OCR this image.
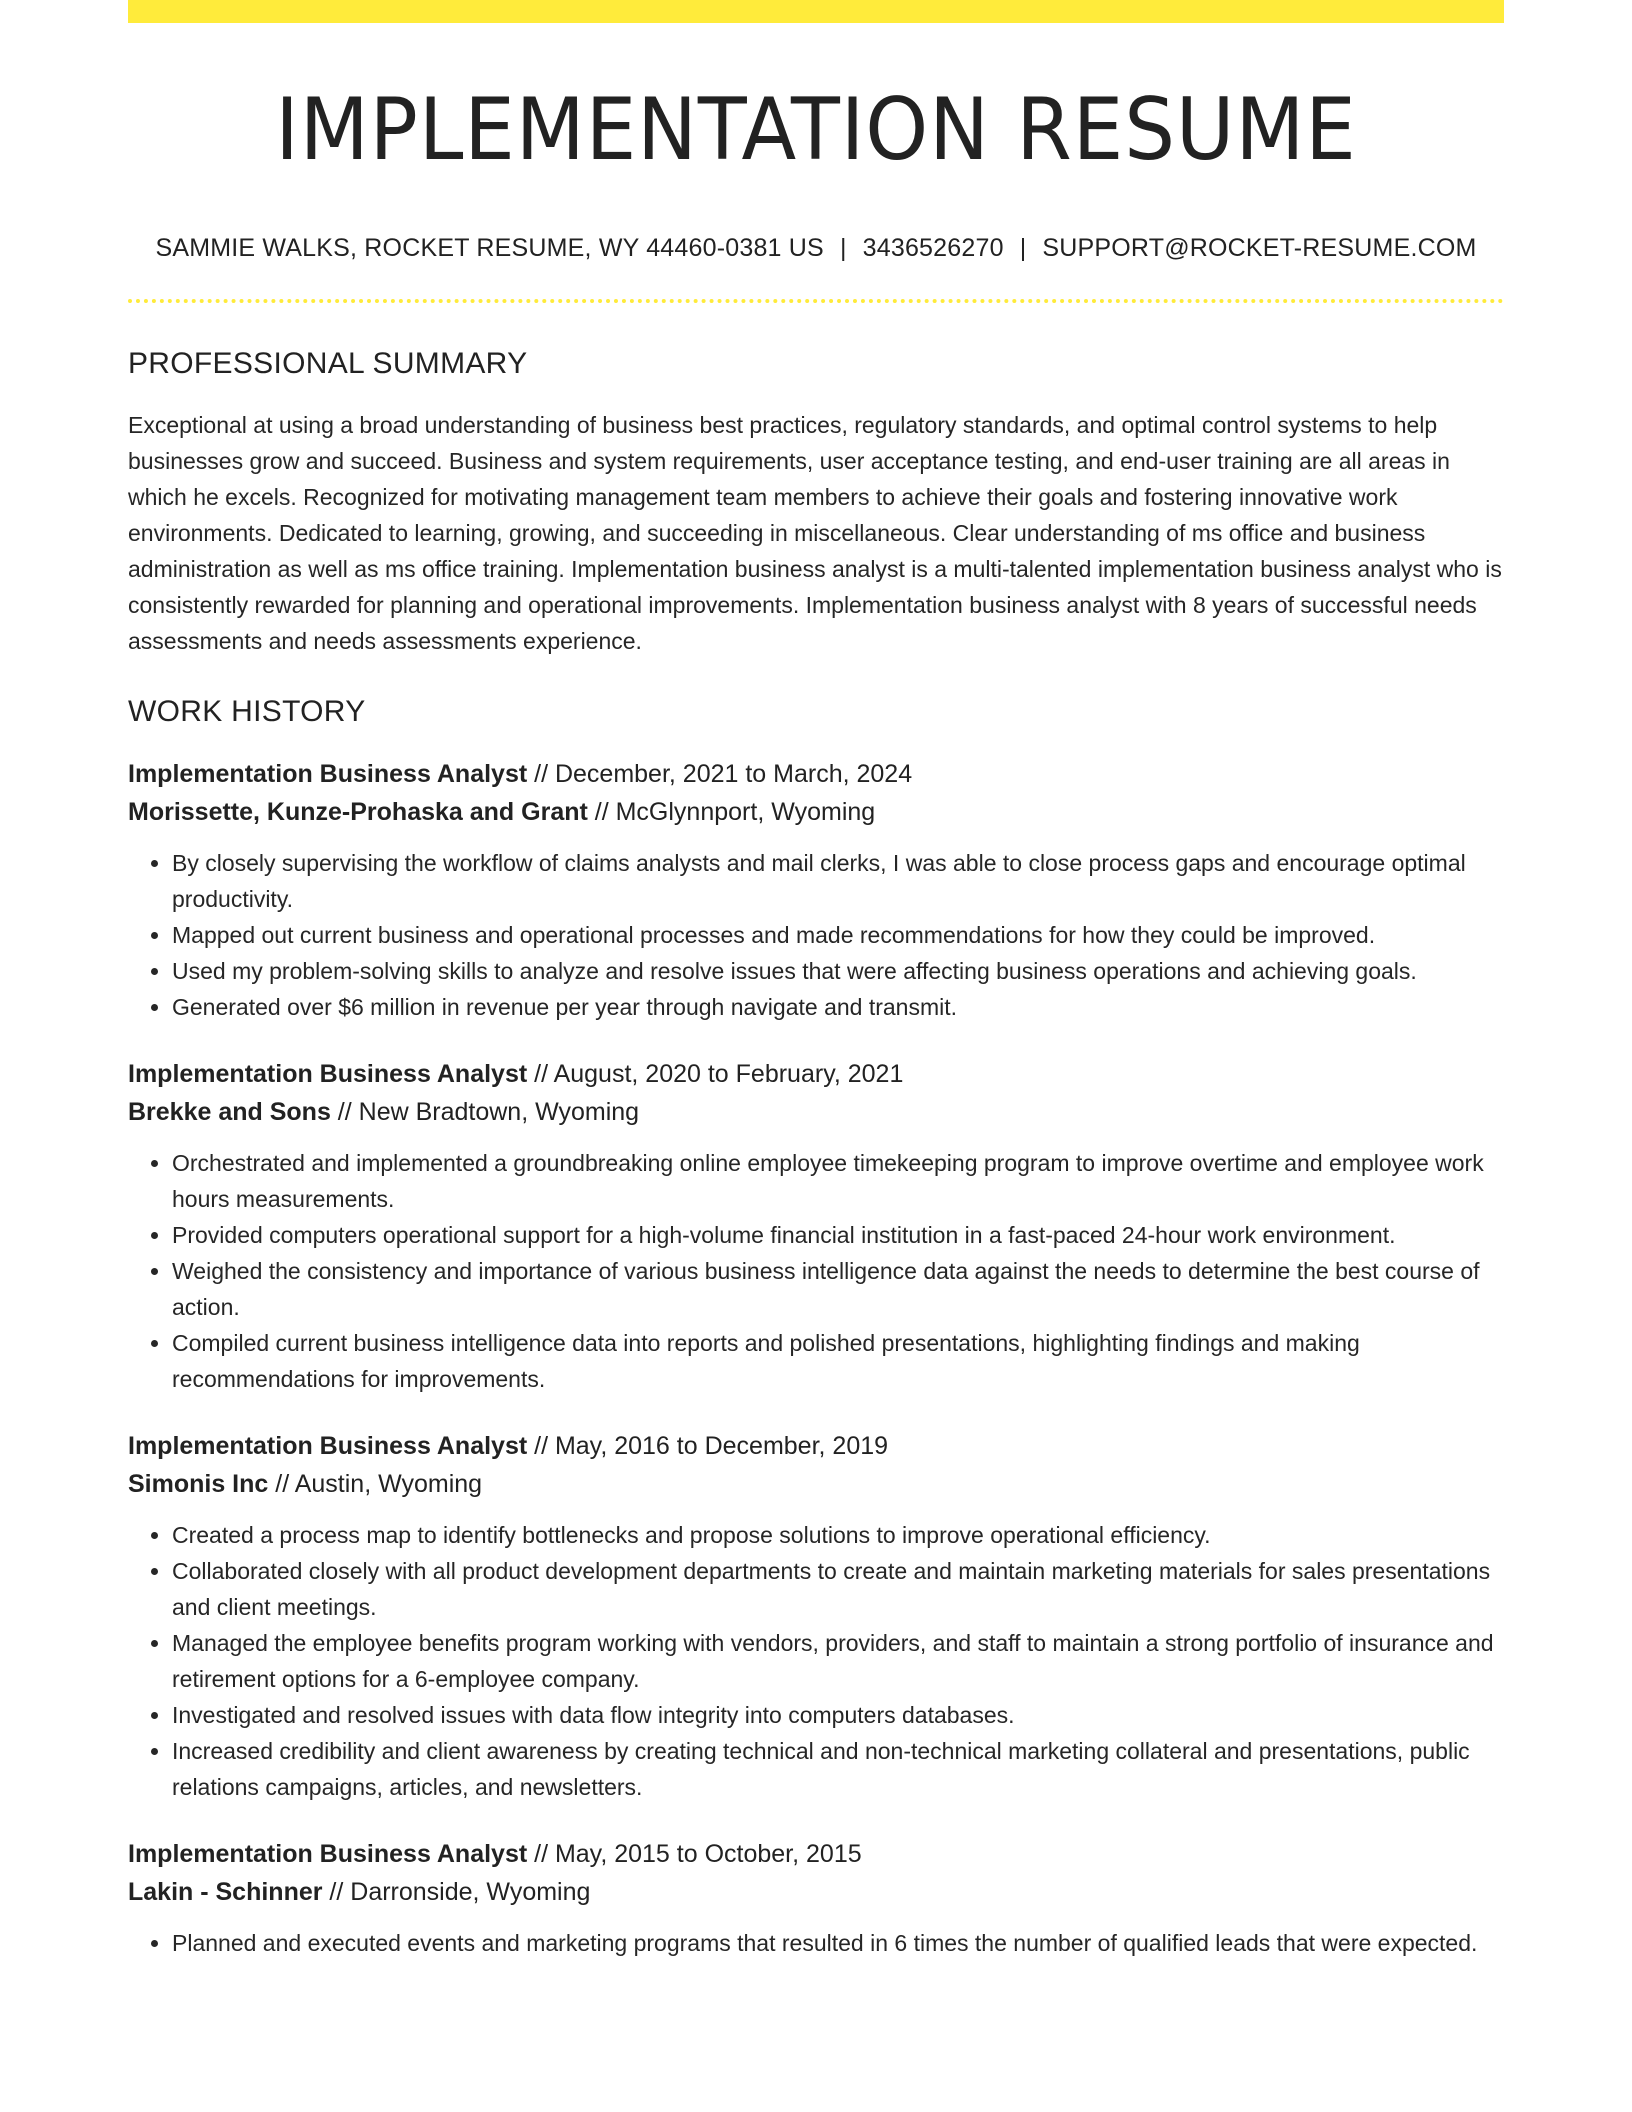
IMPLEMENTATION RESUME
SAMMIE WALKS, ROCKET RESUME, WY 44460-0381 US | 3436526270 | SUPPORT@ROCKET-RESUME.COM
PROFESSIONAL SUMMARY

Exceptional at using a broad understanding of business best practices, regulatory standards, and optimal control systems to help businesses grow and succeed. Business and system requirements, user acceptance testing, and end-user training are all areas in which he excels. Recognized for motivating management team members to achieve their goals and fostering innovative work environments. Dedicated to learning, growing, and succeeding in miscellaneous. Clear understanding of ms office and business administration as well as ms office training. Implementation business analyst is a multi-talented implementation business analyst who is consistently rewarded for planning and operational improvements. Implementation business analyst with 8 years of successful needs assessments and needs assessments experience.

WORK HISTORY
Implementation Business Analyst // December, 2021 to March, 2024
Morissette, Kunze-Prohaska and Grant // McGlynnport, Wyoming
• By closely supervising the workflow of claims analysts and mail clerks, I was able to close process gaps and encourage optimal productivity.
• Mapped out current business and operational processes and made recommendations for how they could be improved.
• Used my problem-solving skills to analyze and resolve issues that were affecting business operations and achieving goals.
• Generated over $6 million in revenue per year through navigate and transmit.
Implementation Business Analyst // August, 2020 to February, 2021
Brekke and Sons // New Bradtown, Wyoming
• Orchestrated and implemented a groundbreaking online employee timekeeping program to improve overtime and employee work hours measurements.
• Provided computers operational support for a high-volume financial institution in a fast-paced 24-hour work environment.
• Weighed the consistency and importance of various business intelligence data against the needs to determine the best course of action.
• Compiled current business intelligence data into reports and polished presentations, highlighting findings and making recommendations for improvements.
Implementation Business Analyst // May, 2016 to December, 2019
Simonis Inc // Austin, Wyoming
• Created a process map to identify bottlenecks and propose solutions to improve operational efficiency.
• Collaborated closely with all product development departments to create and maintain marketing materials for sales presentations and client meetings.
• Managed the employee benefits program working with vendors, providers, and staff to maintain a strong portfolio of insurance and retirement options for a 6-employee company.
• Investigated and resolved issues with data flow integrity into computers databases.
• Increased credibility and client awareness by creating technical and non-technical marketing collateral and presentations, public relations campaigns, articles, and newsletters.
Implementation Business Analyst // May, 2015 to October, 2015
Lakin - Schinner // Darronside, Wyoming
• Planned and executed events and marketing programs that resulted in 6 times the number of qualified leads that were expected.
